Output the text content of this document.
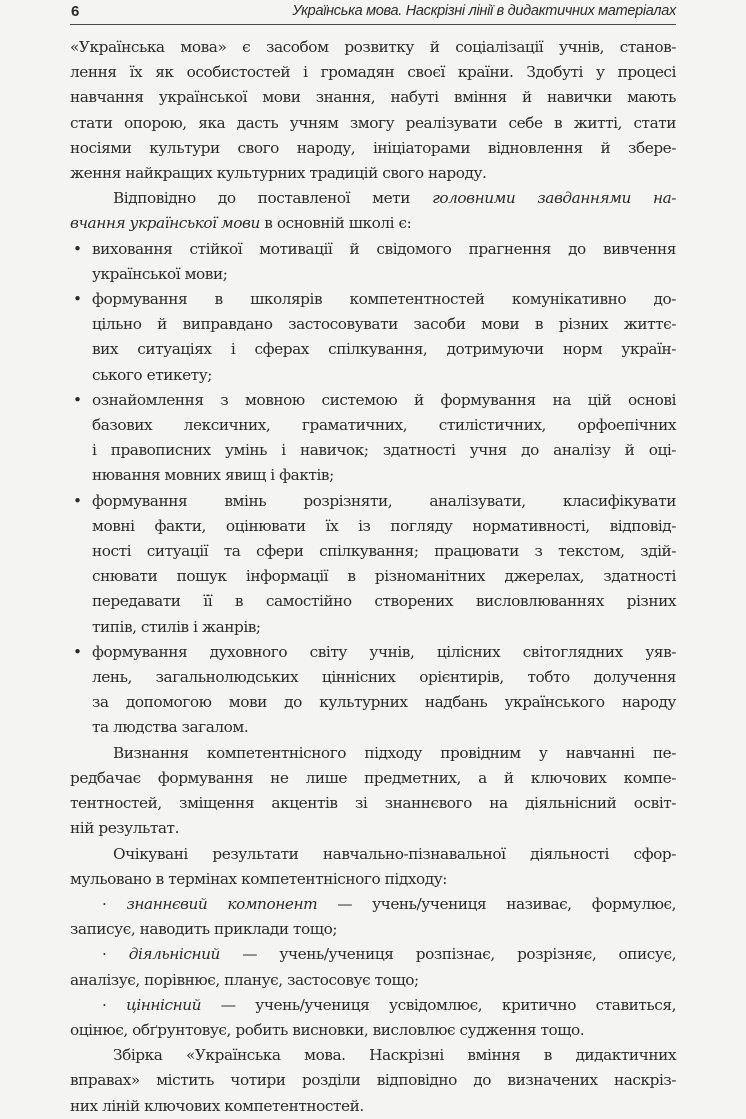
6	Українська мова. Наскрізні лінії в дидактичних матеріалах

«Українська мова» є засобом розвитку й соціалізації учнів, станов-
лення їх як особистостей і громадян своєї країни. Здобуті у процесі
навчання української мови знання, набуті вміння й навички мають
стати опорою, яка дасть учням змогу реалізувати себе в житті, стати
носіями культури свого народу, ініціаторами відновлення й збере-
ження найкращих культурних традицій свого народу.

Відповідно до поставленої мети головними завданнями на-
вчання української мови в основній школі є:

• виховання стійкої мотивації й свідомого прагнення до вивчення
української мови;
• формування в школярів компетентностей комунікативно до-
цільно й виправдано застосовувати засоби мови в різних життє-
вих ситуаціях і сферах спілкування, дотримуючи норм україн-
ського етикету;
• ознайомлення з мовною системою й формування на цій основі
базових лексичних, граматичних, стилістичних, орфоепічних
і правописних умінь і навичок; здатності учня до аналізу й оці-
нювання мовних явищ і фактів;
• формування вмінь розрізняти, аналізувати, класифікувати
мовні факти, оцінювати їх із погляду нормативності, відповід-
ності ситуації та сфери спілкування; працювати з текстом, здій-
снювати пошук інформації в різноманітних джерелах, здатності
передавати її в самостійно створених висловлюваннях різних
типів, стилів і жанрів;
• формування духовного світу учнів, цілісних світоглядних уяв-
лень, загальнолюдських ціннісних орієнтирів, тобто долучення
за допомогою мови до культурних надбань українського народу
та людства загалом.

Визнання компетентнісного підходу провідним у навчанні пе-
редбачає формування не лише предметних, а й ключових компе-
тентностей, зміщення акцентів зі знаннєвого на діяльнісний освіт-
ній результат.

Очікувані результати навчально-пізнавальної діяльності сфор-
мульовано в термінах компетентнісного підходу:

· знаннєвий компонент — учень/учениця називає, формулює,
записує, наводить приклади тощо;

· діяльнісний — учень/учениця розпізнає, розрізняє, описує,
аналізує, порівнює, планує, застосовує тощо;

· ціннісний — учень/учениця усвідомлює, критично ставиться,
оцінює, обґрунтовує, робить висновки, висловлює судження тощо.

Збірка «Українська мова. Наскрізні вміння в дидактичних
вправах» містить чотири розділи відповідно до визначених наскріз-
них ліній ключових компетентностей.
